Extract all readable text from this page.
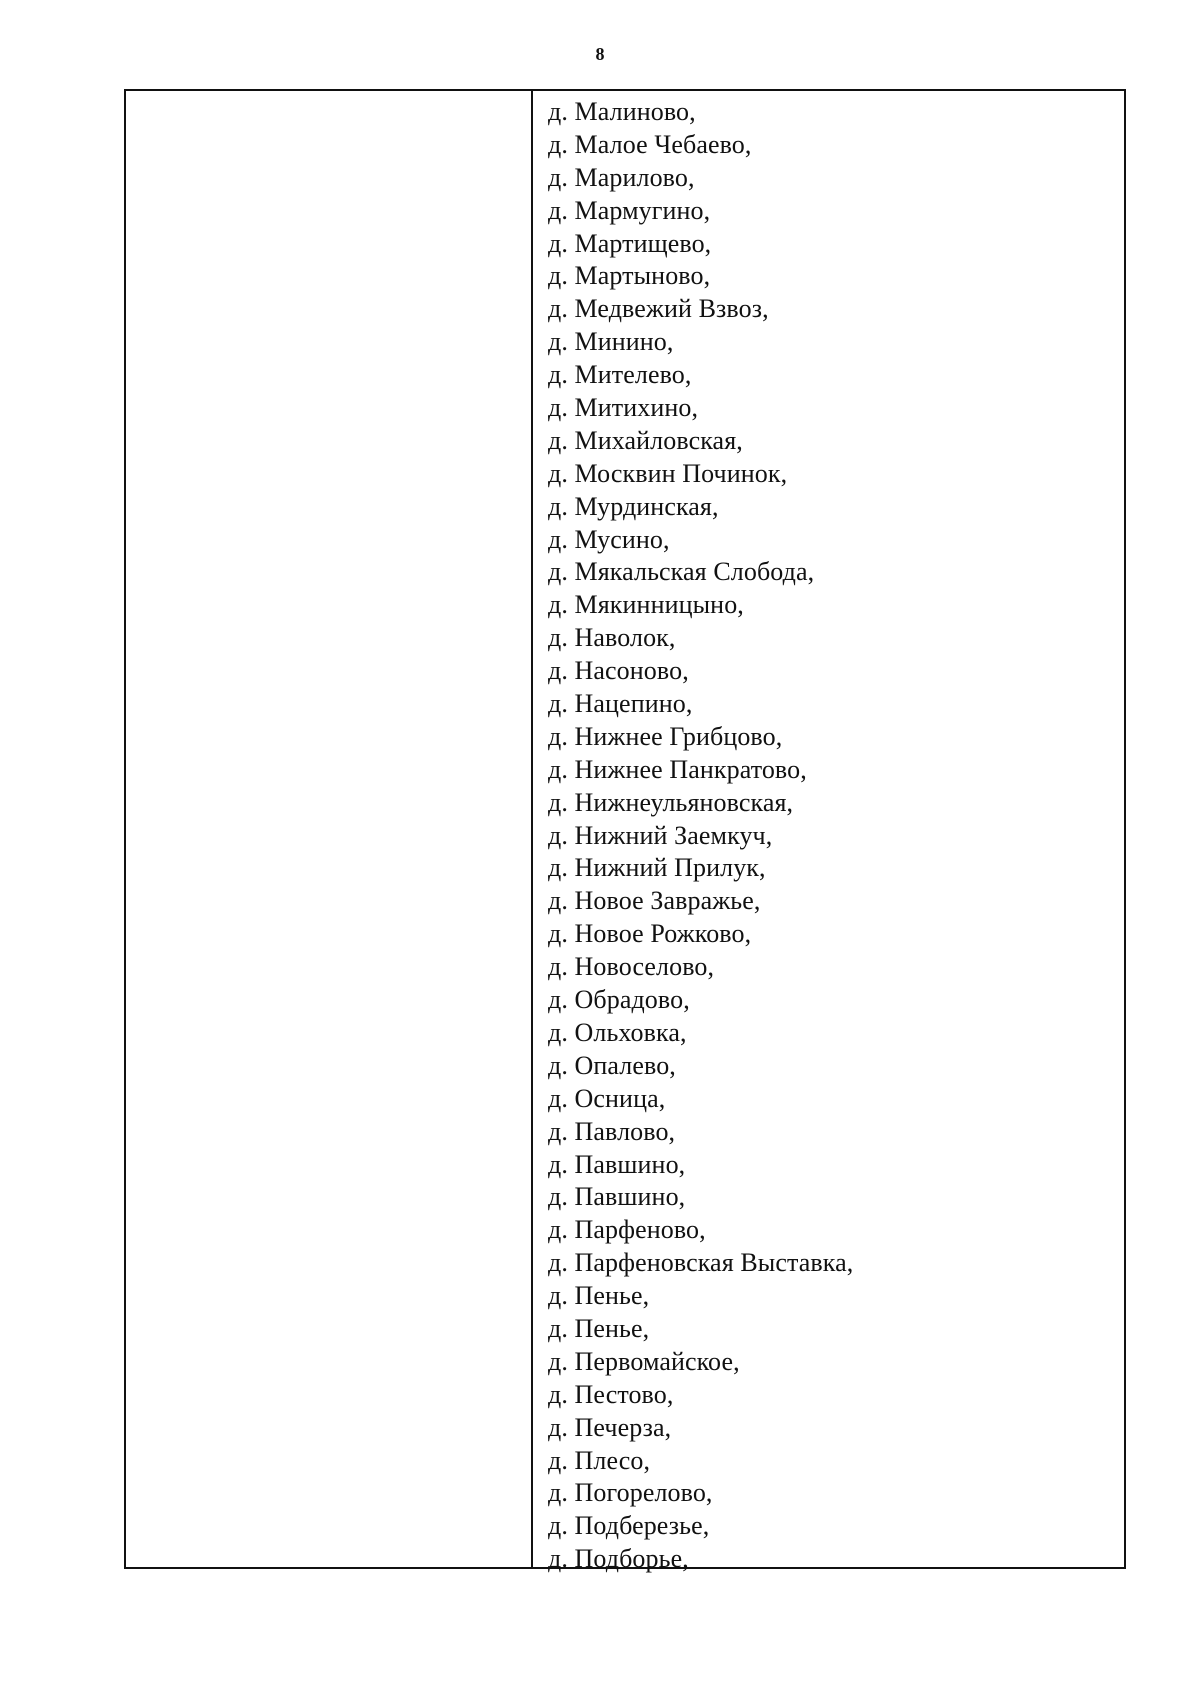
8
д. Малиново,
д. Малое Чебаево,
д. Марилово,
д. Мармугино,
д. Мартищево,
д. Мартыново,
д. Медвежий Взвоз,
д. Минино,
д. Мителево,
д. Митихино,
д. Михайловская,
д. Москвин Починок,
д. Мурдинская,
д. Мусино,
д. Мякальская Слобода,
д. Мякинницыно,
д. Наволок,
д. Насоново,
д. Нацепино,
д. Нижнее Грибцово,
д. Нижнее Панкратово,
д. Нижнеульяновская,
д. Нижний Заемкуч,
д. Нижний Прилук,
д. Новое Завражье,
д. Новое Рожково,
д. Новоселово,
д. Обрадово,
д. Ольховка,
д. Опалево,
д. Осница,
д. Павлово,
д. Павшино,
д. Павшино,
д. Парфеново,
д. Парфеновская Выставка,
д. Пенье,
д. Пенье,
д. Первомайское,
д. Пестово,
д. Печерза,
д. Плесо,
д. Погорелово,
д. Подберезье,
д. Подборье,
